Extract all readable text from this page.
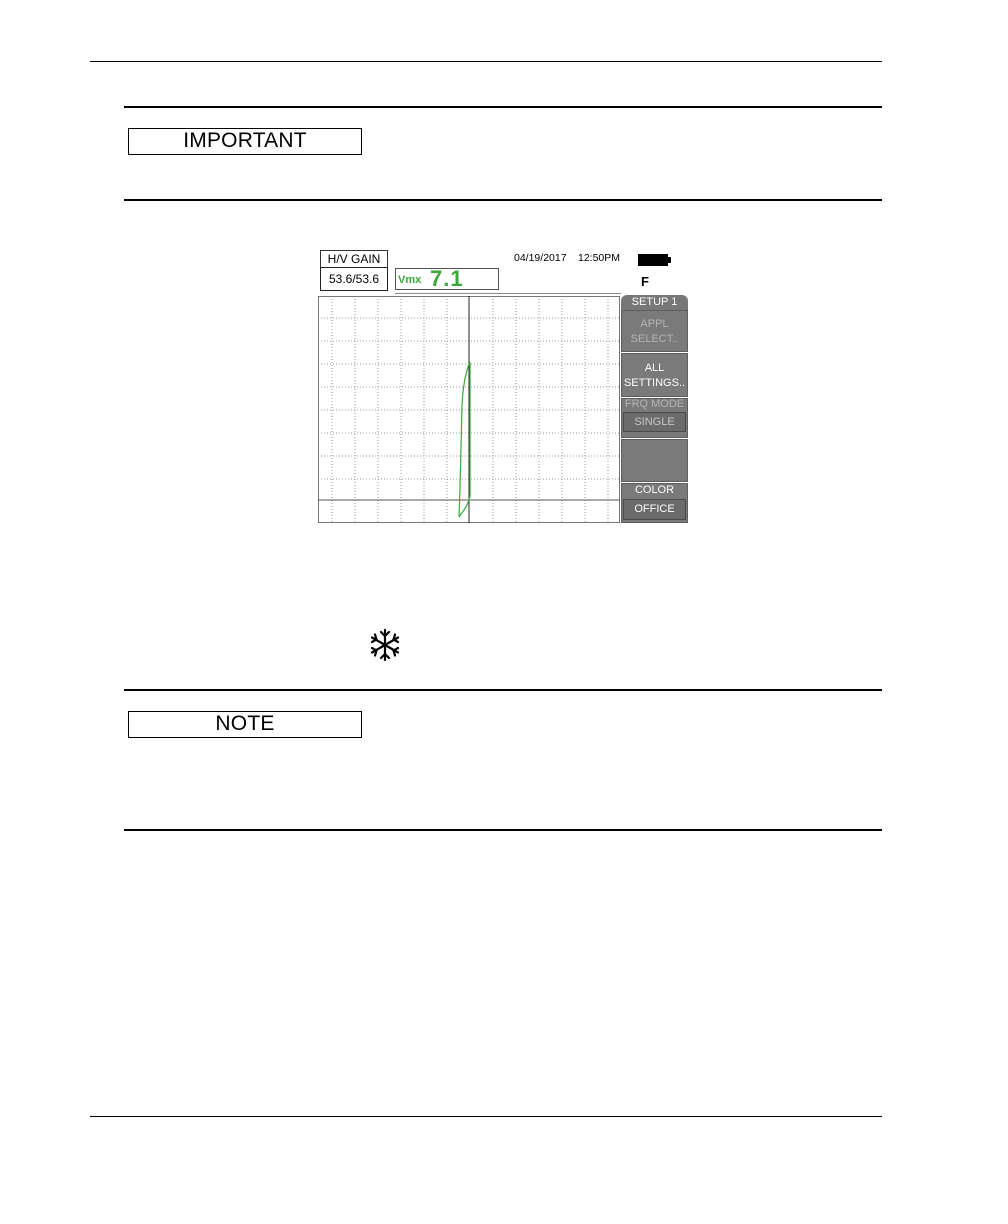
IMPORTANT
H/V GAIN
53.6/53.6	Vmx 7.1
04/19/2017 12:50PM
F
SETUP 1
APPL
SELECT..
ALL
SETTINGS..
FRQ MODE
SINGLE
COLOR
OFFICE
NOTE
